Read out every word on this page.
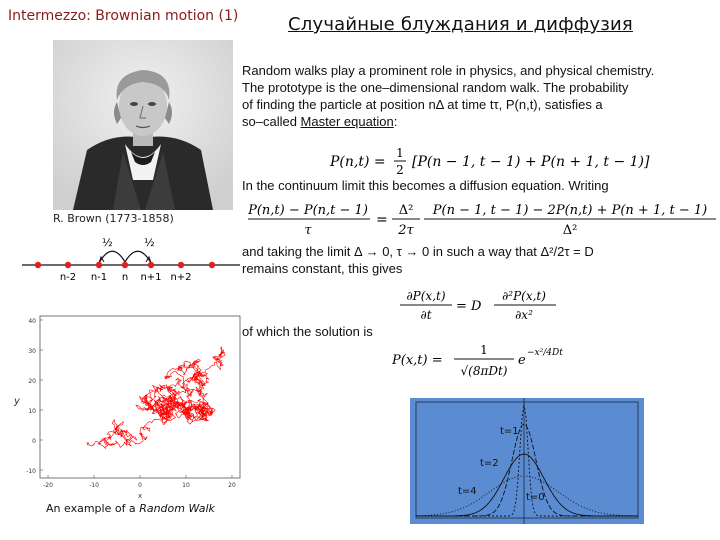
Intermezzo: Brownian motion (1)	Случайные блуждания и диффузия
R. Brown (1773-1858)
½	½
n-2 n-1 n n+1 n+2
40
30
20
10
0
-10
-20	-10	0	10	20
y
x
An example of a Random Walk
Random walks play a prominent role in physics, and physical chemistry.
The prototype is the one–dimensional random walk. The probability
of finding the particle at position nΔ at time tτ, P(n,t), satisfies a
so–called Master equation:
P(n,t) =
1
2 [P(n − 1, t − 1) + P(n + 1, t − 1)]
In the continuum limit this becomes a diffusion equation. Writing
P(n,t) − P(n,t − 1)
τ
=
Δ²
2τ
P(n − 1, t − 1) − 2P(n,t) + P(n + 1, t − 1)
Δ²
and taking the limit Δ → 0, τ → 0 in such a way that Δ²/2τ = D
remains constant, this gives
∂P(x,t)
∂t
= D
∂²P(x,t)
∂x²
of which the solution is
P(x,t) =
1
√(8πDt)
e −x²/4Dt
t=1
t=2
t=4
t=0
